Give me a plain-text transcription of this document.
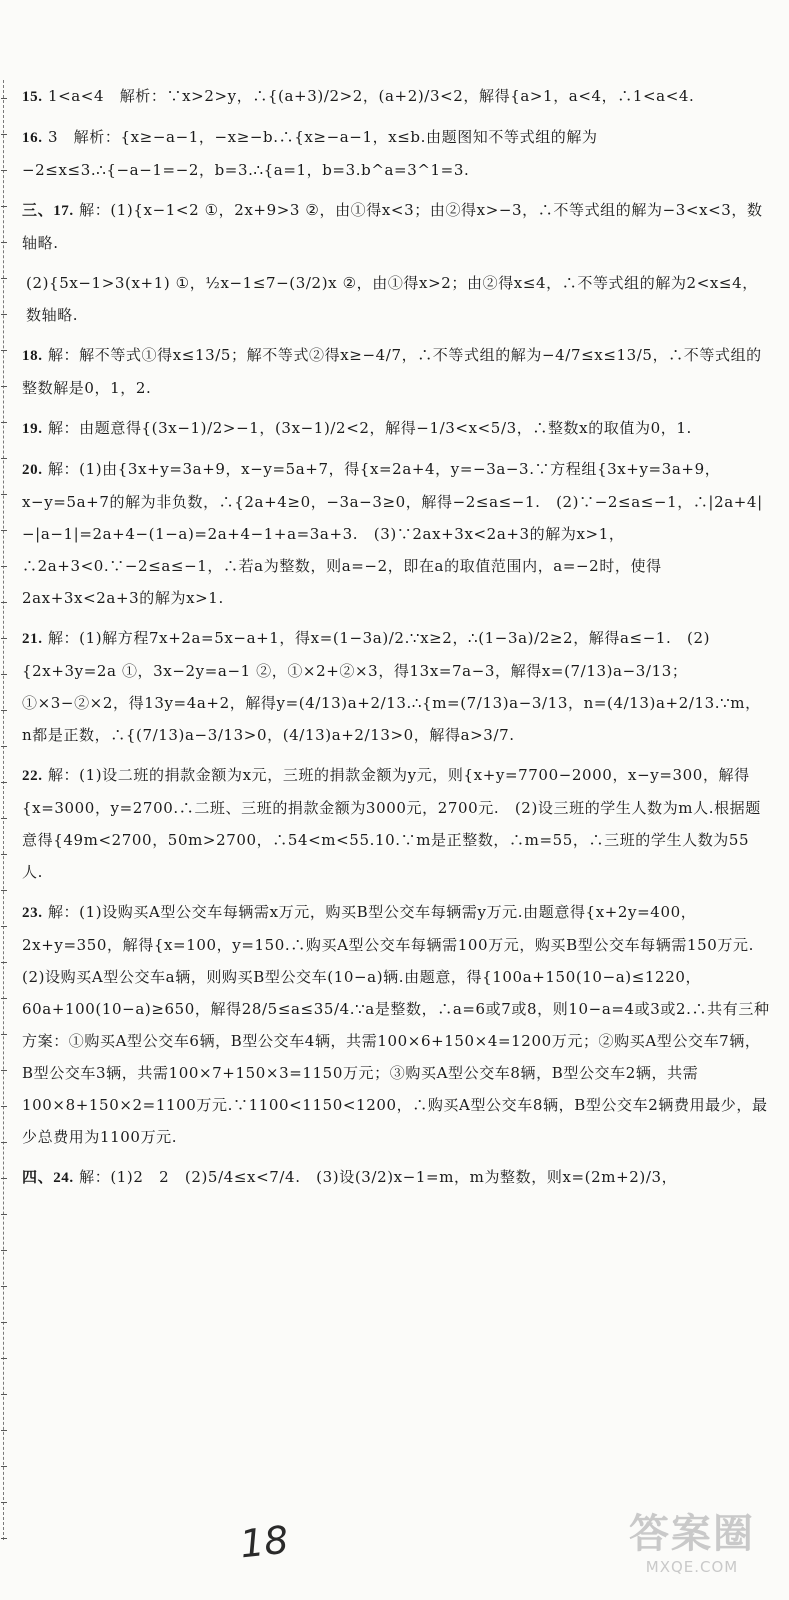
15. 1<a<4　解析：∵x>2>y，∴{(a+3)/2>2，(a+2)/3<2，解得{a>1，a<4，∴1<a<4.

16. 3　解析：{x≥−a−1，−x≥−b.∴{x≥−a−1，x≤b.由题图知不等式组的解为−2≤x≤3.∴{−a−1=−2，b=3.∴{a=1，b=3.b^a=3^1=3.

三、17. 解：(1){x−1<2 ①，2x+9>3 ②，由①得x<3；由②得x>−3，∴不等式组的解为−3<x<3，数轴略.

(2){5x−1>3(x+1) ①，½x−1≤7−(3/2)x ②，由①得x>2；由②得x≤4，∴不等式组的解为2<x≤4，数轴略.

18. 解：解不等式①得x≤13/5；解不等式②得x≥−4/7，∴不等式组的解为−4/7≤x≤13/5，∴不等式组的整数解是0，1，2.

19. 解：由题意得{(3x−1)/2>−1，(3x−1)/2<2，解得−1/3<x<5/3，∴整数x的取值为0，1.

20. 解：(1)由{3x+y=3a+9，x−y=5a+7，得{x=2a+4，y=−3a−3.∵方程组{3x+y=3a+9，x−y=5a+7的解为非负数，∴{2a+4≥0，−3a−3≥0，解得−2≤a≤−1.　(2)∵−2≤a≤−1，∴|2a+4|−|a−1|=2a+4−(1−a)=2a+4−1+a=3a+3.　(3)∵2ax+3x<2a+3的解为x>1，∴2a+3<0.∵−2≤a≤−1，∴若a为整数，则a=−2，即在a的取值范围内，a=−2时，使得2ax+3x<2a+3的解为x>1.

21. 解：(1)解方程7x+2a=5x−a+1，得x=(1−3a)/2.∵x≥2，∴(1−3a)/2≥2，解得a≤−1.　(2){2x+3y=2a ①，3x−2y=a−1 ②，①×2+②×3，得13x=7a−3，解得x=(7/13)a−3/13；①×3−②×2，得13y=4a+2，解得y=(4/13)a+2/13.∴{m=(7/13)a−3/13，n=(4/13)a+2/13.∵m，n都是正数，∴{(7/13)a−3/13>0，(4/13)a+2/13>0，解得a>3/7.

22. 解：(1)设二班的捐款金额为x元，三班的捐款金额为y元，则{x+y=7700−2000，x−y=300，解得{x=3000，y=2700.∴二班、三班的捐款金额为3000元，2700元.　(2)设三班的学生人数为m人.根据题意得{49m<2700，50m>2700，∴54<m<55.10.∵m是正整数，∴m=55，∴三班的学生人数为55人.

23. 解：(1)设购买A型公交车每辆需x万元，购买B型公交车每辆需y万元.由题意得{x+2y=400，2x+y=350，解得{x=100，y=150.∴购买A型公交车每辆需100万元，购买B型公交车每辆需150万元.　(2)设购买A型公交车a辆，则购买B型公交车(10−a)辆.由题意，得{100a+150(10−a)≤1220，60a+100(10−a)≥650，解得28/5≤a≤35/4.∵a是整数，∴a=6或7或8，则10−a=4或3或2.∴共有三种方案：①购买A型公交车6辆，B型公交车4辆，共需100×6+150×4=1200万元；②购买A型公交车7辆，B型公交车3辆，共需100×7+150×3=1150万元；③购买A型公交车8辆，B型公交车2辆，共需100×8+150×2=1100万元.∵1100<1150<1200，∴购买A型公交车8辆，B型公交车2辆费用最少，最少总费用为1100万元.

四、24. 解：(1)2　2　(2)5/4≤x<7/4.　(3)设(3/2)x−1=m，m为整数，则x=(2m+2)/3，

18	答案圈
MXQE.COM
